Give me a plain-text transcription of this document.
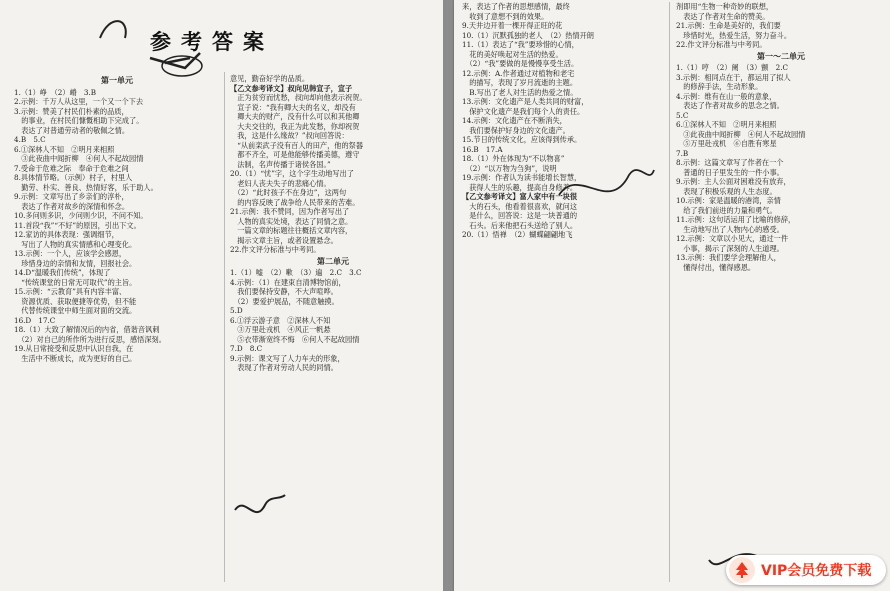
参考答案

第一单元

1.（1）峥　（2）嵴　3.B

2.示例：千万人从这里，一个又一个下去

3.示例：赞美了村民们朴素的品质，

　的事业，在村民们慷慨相助下完成了。

　表达了对普通劳动者的敬佩之情。

4.B　5.C

6.①深林人不知　②明月来相照

　③此夜曲中闻折柳　④何人不起故园情

7.受命于危难之际　奉命于危难之间

8.具体情节略。（示例）村子，村里人

　勤劳、朴实、善良、热情好客，乐于助人。

9.示例：文章写出了乡亲们的淳朴，

　表达了作者对故乡的深情和怀念。

10.多问则多识，少问则少识，不问不知。

11.首段“我”“不好”的原因，引出下文。

12.家访的具体表现：强调细节，

　写出了人物的真实情感和心理变化。

13.示例：一个人，应该学会感恩，

　珍惜身边的亲情和友情，回报社会。

14.D“温暖我们传统”，体现了

　“传统课堂的日常无可取代”的主旨。

15.示例：“云教育”具有内容丰富、

　资源优质、获取便捷等优势，但不能

　代替传统课堂中师生面对面的交流。

16.D　17.C

18.（1）大致了解情况后的内省，借谐音讽刺

　（2）对自己的所作所为进行反思，感悟深刻。

19.从日常接受和反思中认识自我，在

　生活中不断成长，成为更好的自己。

意见，勤奋好学的品质。

【乙文参考译文】叔向见韩宣子，宣子

　正为贫穷而忧愁，叔向却向他表示祝贺。

　宣子说：“我有卿大夫的名义，却没有

　卿大夫的财产，没有什么可以和其他卿

　大夫交往的，我正为此发愁，你却祝贺

　我，这是什么缘故？”叔向回答说：

　“从前栾武子没有百人的田产，他的祭器

　都不齐全，可是他能够传播美德，遵守

　法制，名声传播于诸侯各国。”

20.（1）“忧”字，这个字生动地写出了

　老妇人丧夫失子的悲痛心情。

　（2）“此时孩子不在身边”，这两句

　的内容反映了战争给人民带来的苦难。

21.示例：我不赞同，因为作者写出了

　人物的真实处境，表达了同情之意。

　一篇文章的标题往往概括文章内容，

　揭示文章主旨，或者设置悬念。

22.作文评分标准与中考同。

第二单元

1.（1）嘘　（2）嗽　（3）遍　2.C　3.C

4.示例：（1）在建束自清博物馆前，

　我们要保持安静，不大声喧哗。

　（2）要爱护展品，不随意触摸。

5.D

6.①浮云游子意　②深林人不知

　③万里赴戎机　④风正一帆悬

　⑤衣带渐宽终不悔　⑥何人不起故园情

7.D　8.C

9.示例：课文写了人力车夫的形象，

　表现了作者对劳动人民的同情。

来，表达了作者的思想感情，最终

　收到了意想不到的效果。

9.天井边开着一棵开得正旺的花

10.（1）沉默孤独的老人　（2）热情开朗

11.（1）表达了“我”要珍惜的心情，

　花的美好唤起对生活的热爱。

　（2）“我”要做的是慢慢享受生活。

12.示例：A.作者通过对植物和老宅

　的描写，表现了岁月流逝的主题。

　B.写出了老人对生活的热爱之情。

13.示例：文化遗产是人类共同的财富，

　保护文化遗产是我们每个人的责任。

14.示例：文化遗产在不断消失，

　我们要保护好身边的文化遗产。

15.节日的传统文化，应该得到传承。

16.B　17.A

18.（1）外在体现为“不以物喜”

　（2）“以万物为刍狗”，说明

19.示例：作者认为读书能增长智慧，

　获得人生的乐趣，提高自身修养。

【乙文参考译文】富人家中有一块很

　大的石头，他看着很喜欢，就问这

　是什么，回答说：这是一块普通的

　石头。后来他把石头送给了别人。

20.（1）悟禅　（2）蝴蝶翩翩地飞

剂即用“生物一种奇妙的联想，

　表达了作者对生命的赞美。

21.示例：生命是美好的，我们要

　珍惜时光，热爱生活，努力奋斗。

22.作文评分标准与中考同。

第一～二单元

1.（1）哼　（2）阑　（3）颤　2.C

3.示例：相同点在于，都运用了拟人

　的修辞手法，生动形象。

4.示例：维有在山一般的意象，

　表达了作者对故乡的思念之情。

5.C

6.①深林人不知　②明月来相照

　③此夜曲中闻折柳　④何人不起故园情

　⑤万里赴戎机　⑥自胜有寒星

7.B

8.示例：这篇文章写了作者在一个

　普通的日子里发生的一件小事。

9.示例：主人公面对困难没有放弃，

　表现了积极乐观的人生态度。

10.示例：家是温暖的港湾，亲情

　给了我们前进的力量和勇气。

11.示例：这句话运用了比喻的修辞，

　生动地写出了人物内心的感受。

12.示例：文章以小见大，通过一件

　小事，揭示了深刻的人生道理。

13.示例：我们要学会理解他人，

　懂得付出，懂得感恩。

VIP会员免费下载
